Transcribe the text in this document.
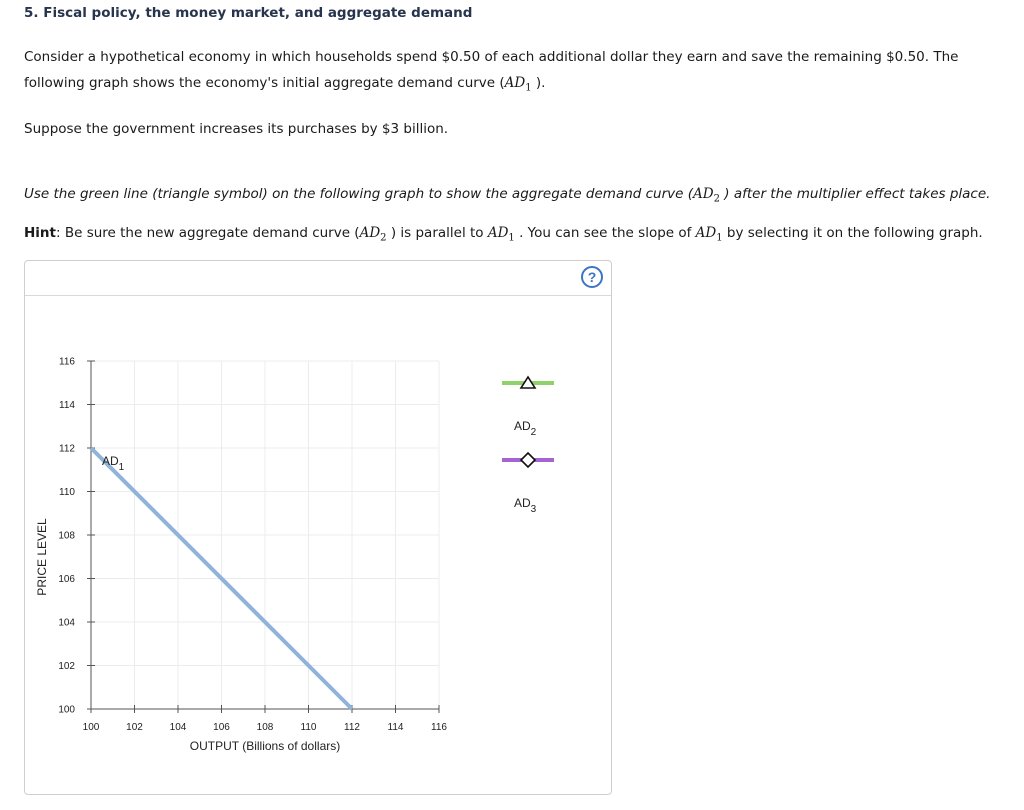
5. Fiscal policy, the money market, and aggregate demand

Consider a hypothetical economy in which households spend $0.50 of each additional dollar they earn and save the remaining $0.50. The following graph shows the economy's initial aggregate demand curve ($AD_1$ ).

Suppose the government increases its purchases by $3 billion.

Use the green line (triangle symbol) on the following graph to show the aggregate demand curve ($AD_2$ ) after the multiplier effect takes place.

Hint: Be sure the new aggregate demand curve ($AD_2$ ) is parallel to $AD_1$ . You can see the slope of $AD_1$ by selecting it on the following graph.

?
100	102	104	106	108	110	112	114	116
100
102
104
106
108
110
112
114
116
OUTPUT (Billions of dollars)
PRICE LEVEL
$AD_1$
$AD_2$
$AD_3$
